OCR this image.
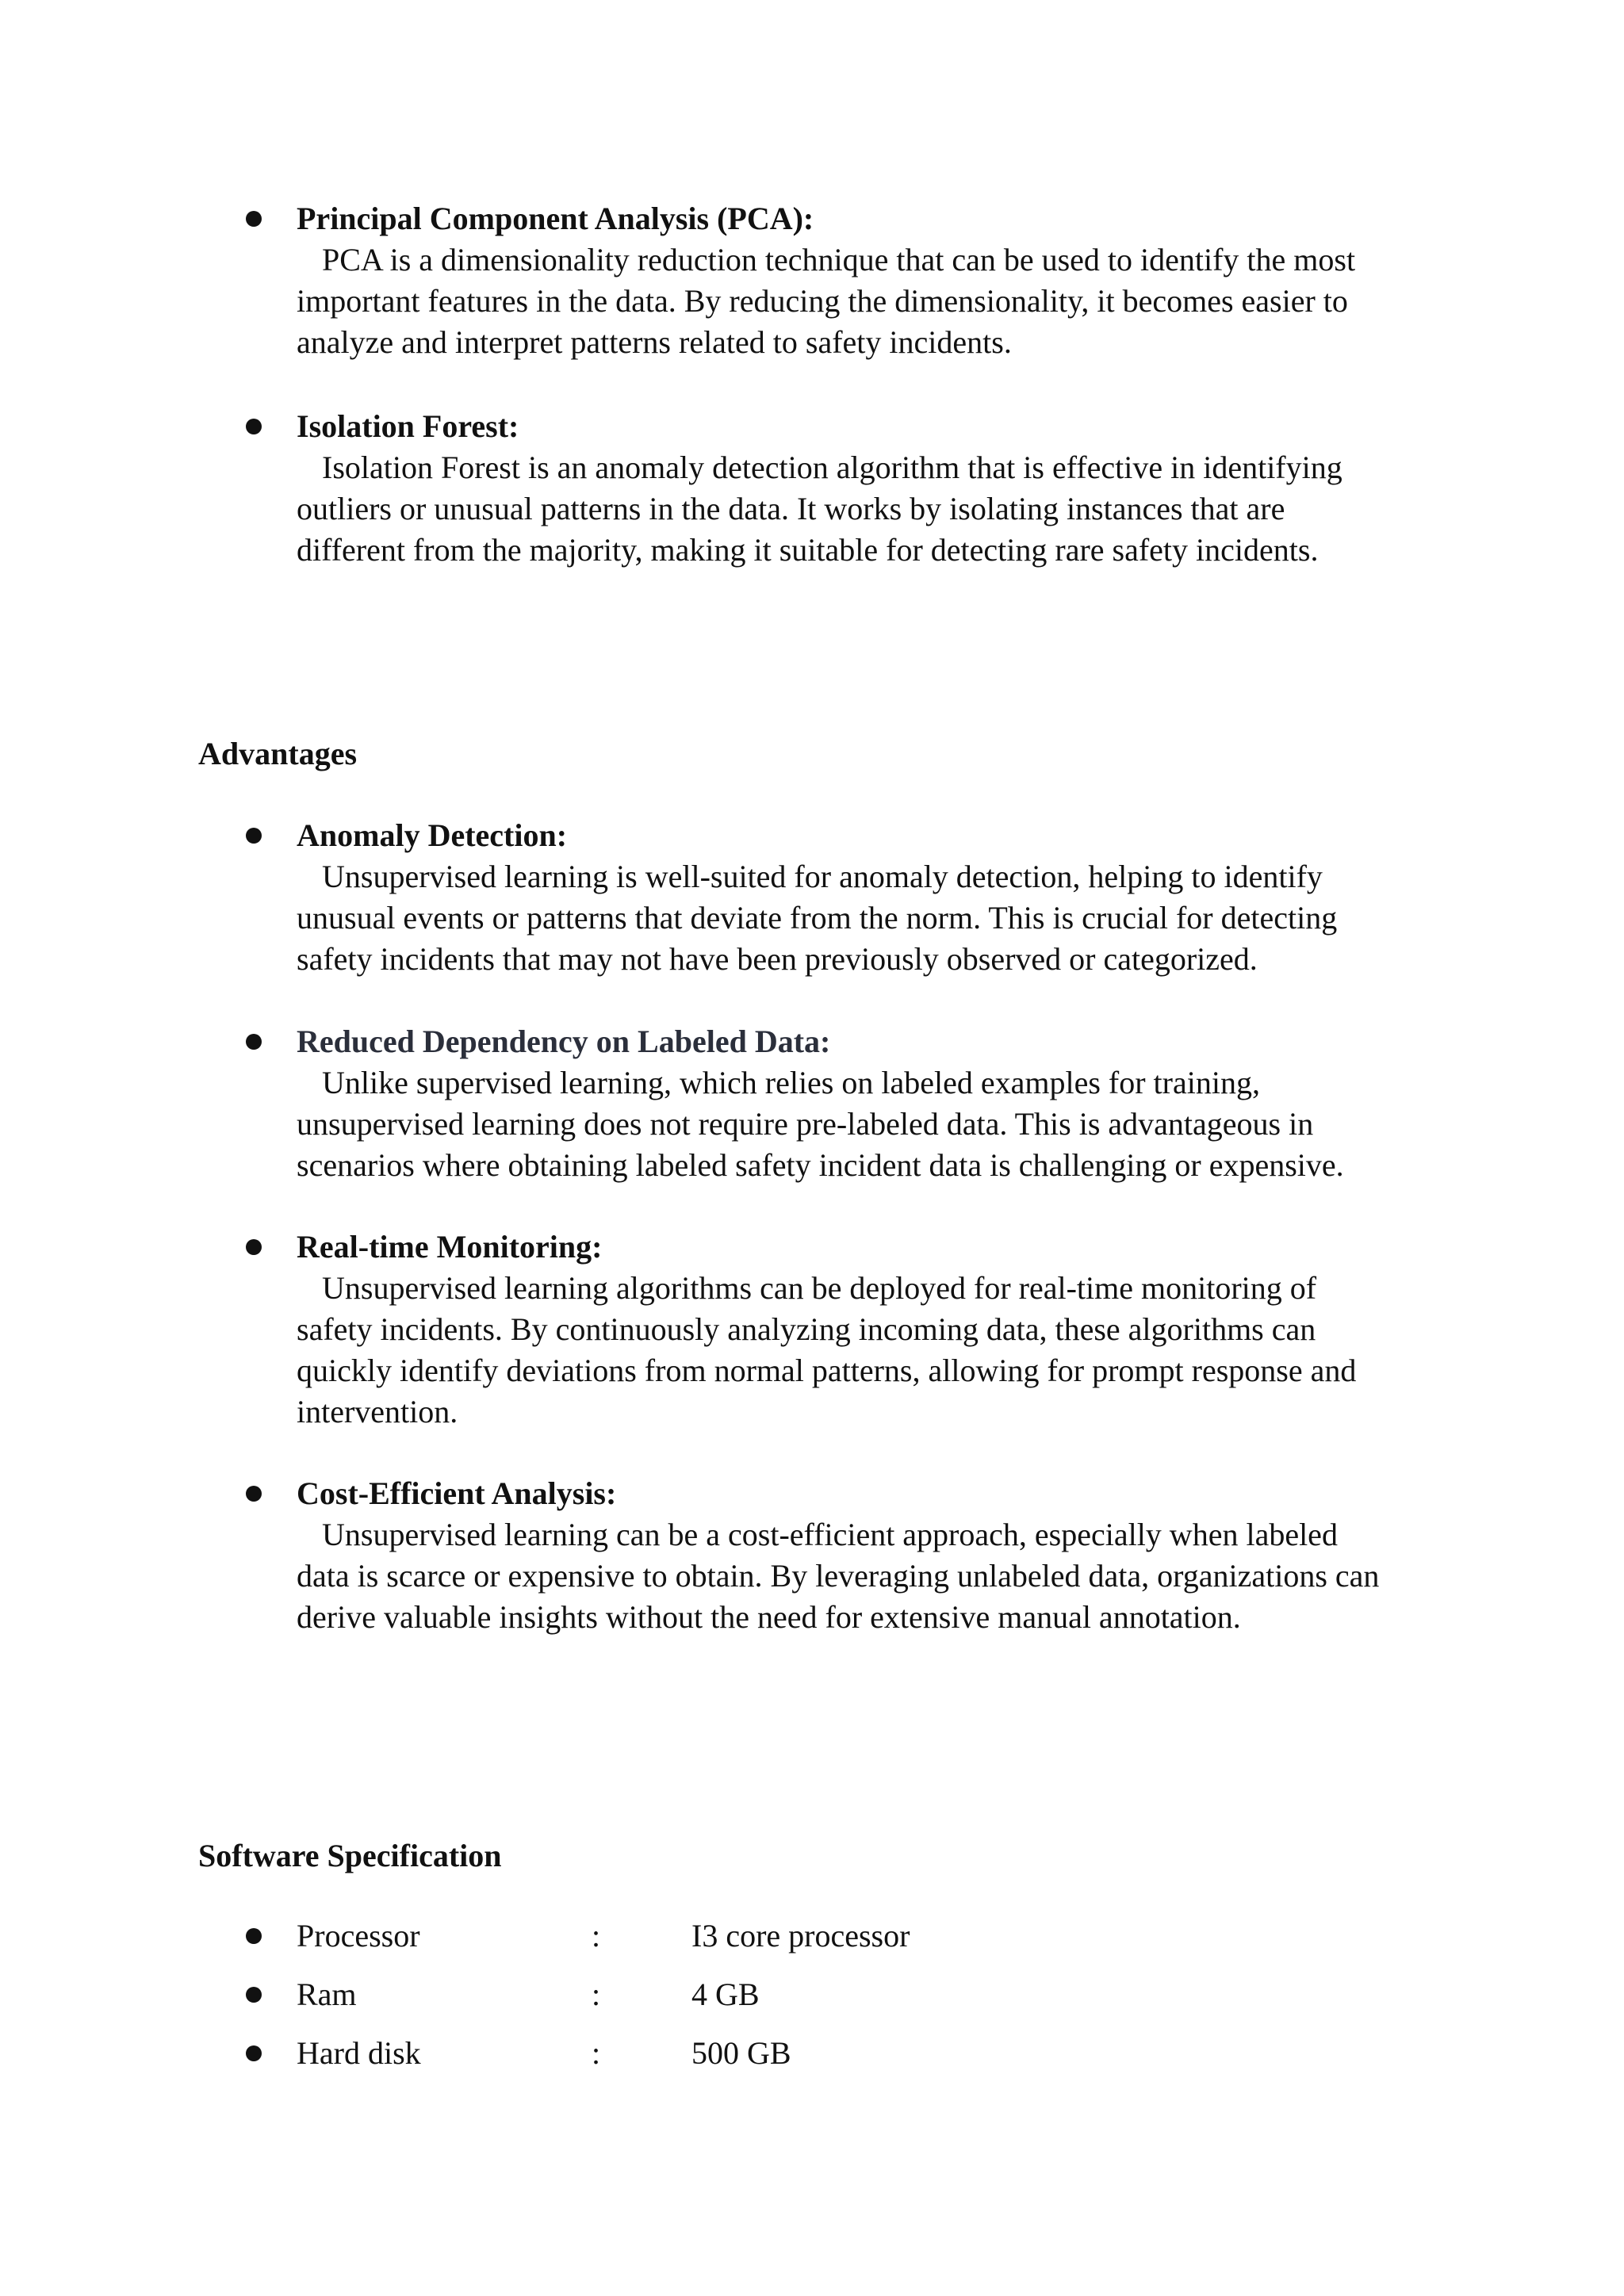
Principal Component Analysis (PCA):
PCA is a dimensionality reduction technique that can be used to identify the most
important features in the data. By reducing the dimensionality, it becomes easier to
analyze and interpret patterns related to safety incidents.
Isolation Forest:
Isolation Forest is an anomaly detection algorithm that is effective in identifying
outliers or unusual patterns in the data. It works by isolating instances that are
different from the majority, making it suitable for detecting rare safety incidents.
Advantages
Anomaly Detection:
Unsupervised learning is well-suited for anomaly detection, helping to identify
unusual events or patterns that deviate from the norm. This is crucial for detecting
safety incidents that may not have been previously observed or categorized.
Reduced Dependency on Labeled Data:
Unlike supervised learning, which relies on labeled examples for training,
unsupervised learning does not require pre-labeled data. This is advantageous in
scenarios where obtaining labeled safety incident data is challenging or expensive.
Real-time Monitoring:
Unsupervised learning algorithms can be deployed for real-time monitoring of
safety incidents. By continuously analyzing incoming data, these algorithms can
quickly identify deviations from normal patterns, allowing for prompt response and
intervention.
Cost-Efficient Analysis:
Unsupervised learning can be a cost-efficient approach, especially when labeled
data is scarce or expensive to obtain. By leveraging unlabeled data, organizations can
derive valuable insights without the need for extensive manual annotation.
Software Specification
Processor	:	I3 core processor
Ram	:	4 GB
Hard disk	:	500 GB
